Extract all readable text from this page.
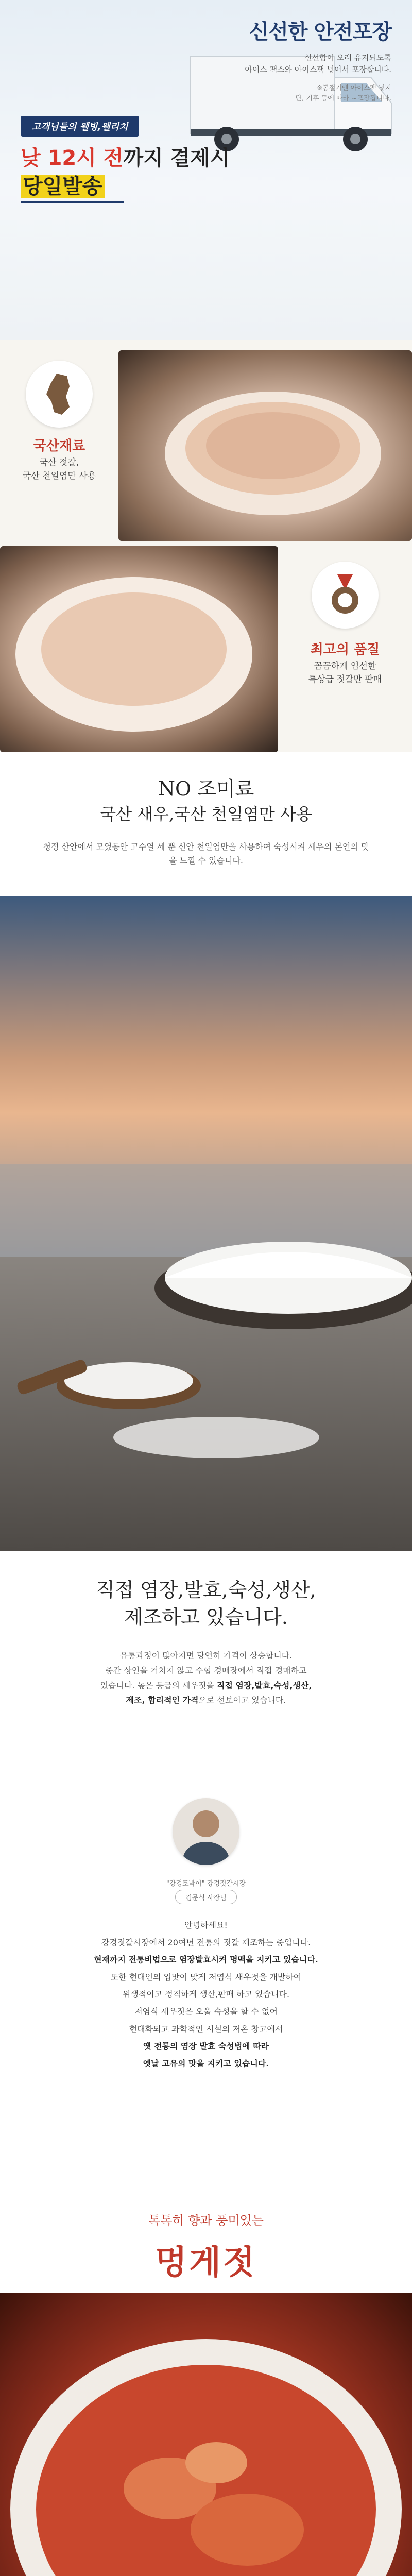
신선한 안전포장

신선함이 오래 유지되도록
아이스 팩스와 아이스팩 넣어서 포장합니다.

※동절기엔 아이스팩 넣지
단, 기후 등에 따라 ~포장됩니다.

고객님들의 웰빙,웰리치
낮 12시 전까지 결제시
당일발송
국산재료
국산 젓갈,
국산 천일염만 사용
최고의 품질
꼼꼼하게 엄선한
특상급 젓갈만 판매
NO 조미료
국산 새우,국산 천일염만 사용

청정 산안에서 모였동안 고수열 세 뿐 신안 천일염만을 사용하여 숙성시켜 새우의 본연의 맛을 느낄 수 있습니다.

직접 염장,발효,숙성,생산,
제조하고 있습니다.

유통과정이 많아지면 당연히 가격이 상승합니다.
중간 상인을 거치지 않고 수협 경매장에서 직접 경매하고
있습니다. 높은 등급의 새우젓을 직접 염장,발효,숙성,생산,
제조, 합리적인 가격으로 선보이고 있습니다.

"강경토박이" 강경젓갈시장
김문식 사장님
안녕하세요!
강경젓갈시장에서 20여년 전통의 젓갈 제조하는 중입니다.
현재까지 전통비법으로 염장발효시켜 명맥을 지키고 있습니다.
또한 현대인의 입맛이 맞게 저염식 새우젓을 개발하여
위생적이고 정직하게 생산,판매 하고 있습니다.
저염식 새우젓은 오울 숙성을 할 수 없어
현대화되고 과학적인 시설의 저온 창고에서
옛 전통의 염장 발효 숙성법에 따라
옛날 고유의 맛을 지키고 있습니다.
톡톡히 향과 풍미있는
멍게젓
